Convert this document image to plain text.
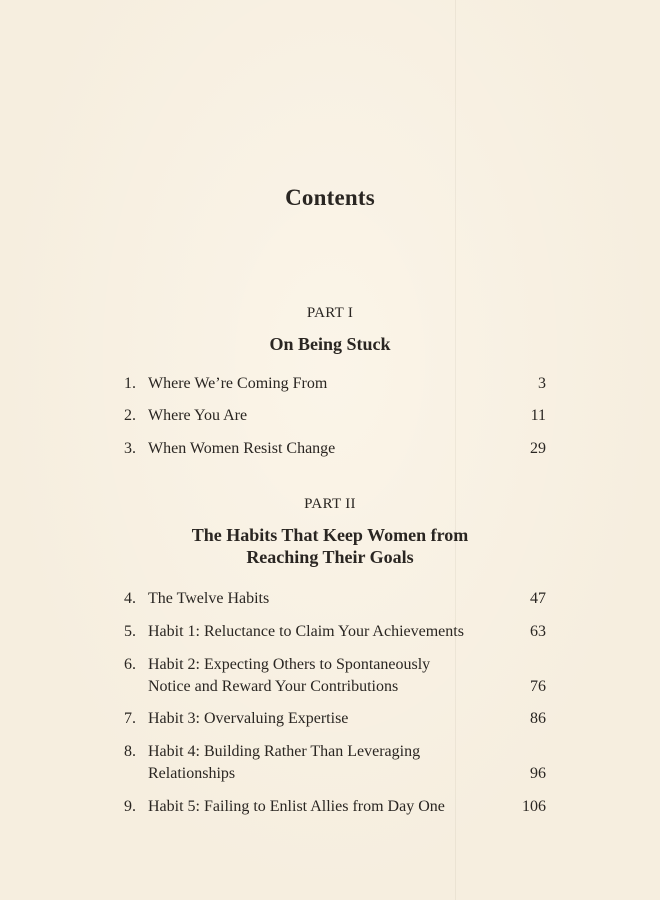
Contents
PART I
On Being Stuck
1. Where We’re Coming From	3
2. Where You Are	11
3. When Women Resist Change	29
PART II
The Habits That Keep Women from
Reaching Their Goals
4. The Twelve Habits	47
5. Habit 1: Reluctance to Claim Your Achievements	63
6. Habit 2: Expecting Others to Spontaneously
Notice and Reward Your Contributions	76
7. Habit 3: Overvaluing Expertise	86
8. Habit 4: Building Rather Than Leveraging
Relationships	96
9. Habit 5: Failing to Enlist Allies from Day One	106
